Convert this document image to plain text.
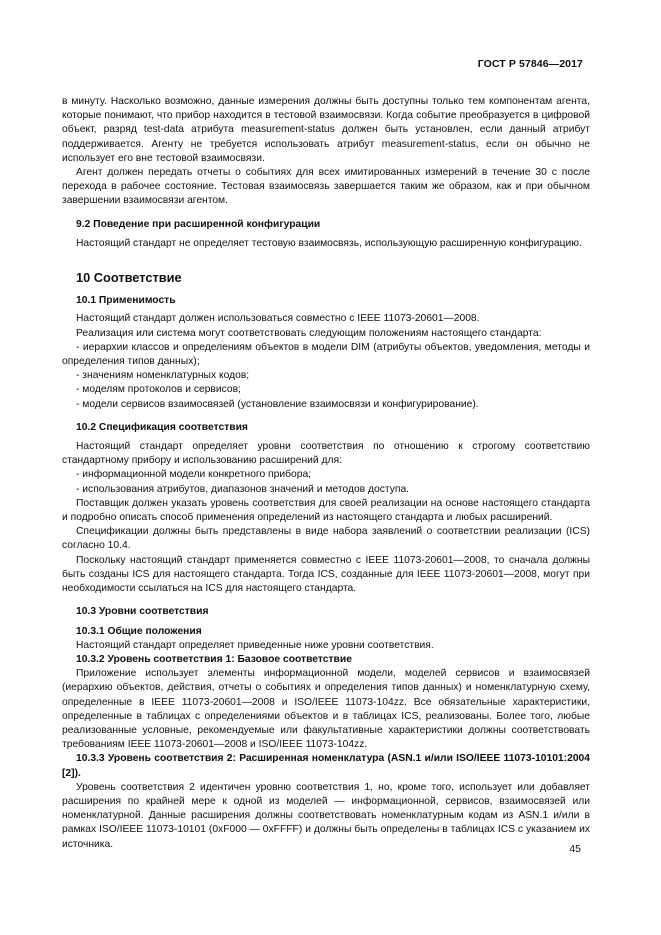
ГОСТ Р 57846—2017

в минуту. Насколько возможно, данные измерения должны быть доступны только тем компонентам агента, которые понимают, что прибор находится в тестовой взаимосвязи. Когда событие преобразуется в цифровой объект, разряд test-data атрибута measurement-status должен быть установлен, если данный атрибут поддерживается. Агенту не требуется использовать атрибут measurement-status, если он обычно не использует его вне тестовой взаимосвязи.

Агент должен передать отчеты о событиях для всех имитированных измерений в течение 30 с после перехода в рабочее состояние. Тестовая взаимосвязь завершается таким же образом, как и при обычном завершении взаимосвязи агентом.

9.2 Поведение при расширенной конфигурации

Настоящий стандарт не определяет тестовую взаимосвязь, использующую расширенную конфигурацию.

10 Соответствие

10.1 Применимость

Настоящий стандарт должен использоваться совместно с IEEE 11073-20601—2008.

Реализация или система могут соответствовать следующим положениям настоящего стандарта:

- иерархии классов и определениям объектов в модели DIM (атрибуты объектов, уведомления, методы и определения типов данных);

- значениям номенклатурных кодов;

- моделям протоколов и сервисов;

- модели сервисов взаимосвязей (установление взаимосвязи и конфигурирование).

10.2 Спецификация соответствия

Настоящий стандарт определяет уровни соответствия по отношению к строгому соответствию стандартному прибору и использованию расширений для:

- информационной модели конкретного прибора;

- использования атрибутов, диапазонов значений и методов доступа.

Поставщик должен указать уровень соответствия для своей реализации на основе настоящего стандарта и подробно описать способ применения определений из настоящего стандарта и любых расширений.

Спецификации должны быть представлены в виде набора заявлений о соответствии реализации (ICS) согласно 10.4.

Поскольку настоящий стандарт применяется совместно с IEEE 11073-20601—2008, то сначала должны быть созданы ICS для настоящего стандарта. Тогда ICS, созданные для IEEE 11073-20601—2008, могут при необходимости ссылаться на ICS для настоящего стандарта.

10.3 Уровни соответствия

10.3.1 Общие положения

Настоящий стандарт определяет приведенные ниже уровни соответствия.

10.3.2 Уровень соответствия 1: Базовое соответствие

Приложение использует элементы информационной модели, моделей сервисов и взаимосвязей (иерархию объектов, действия, отчеты о событиях и определения типов данных) и номенклатурную схему, определенные в IEEE 11073-20601—2008 и ISO/IEEE 11073-104zz. Все обязательные характеристики, определенные в таблицах с определениями объектов и в таблицах ICS, реализованы. Более того, любые реализованные условные, рекомендуемые или факультативные характеристики должны соответствовать требованиям IEEE 11073-20601—2008 и ISO/IEEE 11073-104zz.

10.3.3 Уровень соответствия 2: Расширенная номенклатура (ASN.1 и/или ISO/IEEE 11073-10101:2004 [2]).

Уровень соответствия 2 идентичен уровню соответствия 1, но, кроме того, использует или добавляет расширения по крайней мере к одной из моделей — информационной, сервисов, взаимосвязей или номенклатурной. Данные расширения должны соответствовать номенклатурным кодам из ASN.1 и/или в рамках ISO/IEEE 11073-10101 (0xF000 — 0xFFFF) и должны быть определены в таблицах ICS с указанием их источника.	45
